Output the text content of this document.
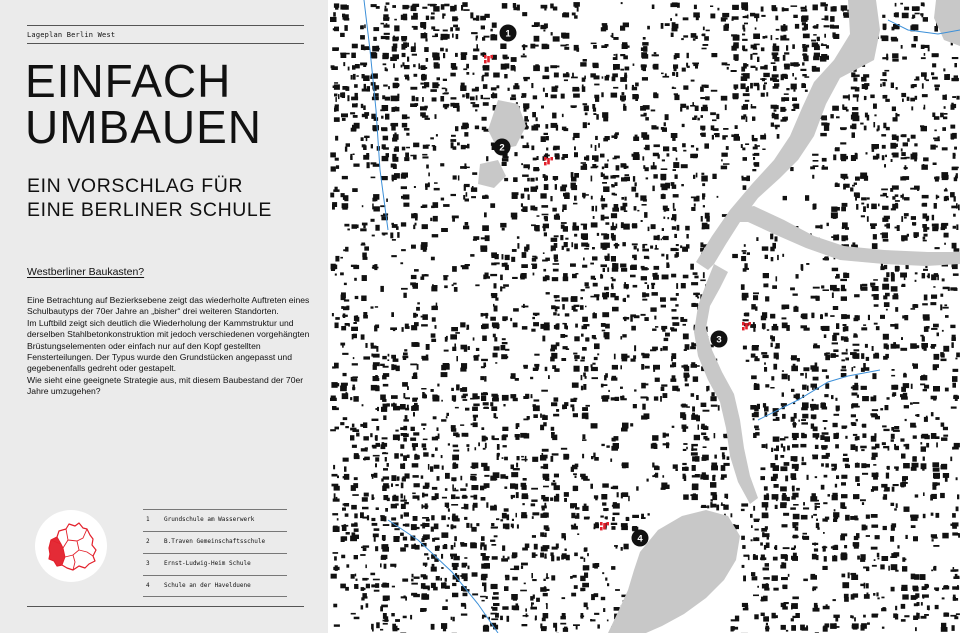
Lageplan Berlin West
EINFACH
UMBAUEN
EIN VORSCHLAG FÜR
EINE BERLINER SCHULE
Westberliner Baukasten?

Eine Betrachtung auf Bezierksebene zeigt das wiederholte Auftreten eines Schulbautyps der 70er Jahre an „bisher“ drei weiteren Standorten.

Im Luftbild zeigt sich deutlich die Wiederholung der Kammstruktur und derselben Stahlbetonkonstruktion mit jedoch verschiedenen vorgehängten Brüstungselementen oder einfach nur auf den Kopf gestellten Fensterteilungen. Der Typus wurde den Grundstücken angepasst und gegebenenfalls gedreht oder gestapelt.

Wie sieht eine geeignete Strategie aus, mit diesem Baubestand der 70er Jahre umzugehen?

1 Grundschule am Wasserwerk
2 B.Traven Gemeinschaftsschule
3 Ernst-Ludwig-Heim Schule
4 Schule an der Havelduene
1
2
3
4
